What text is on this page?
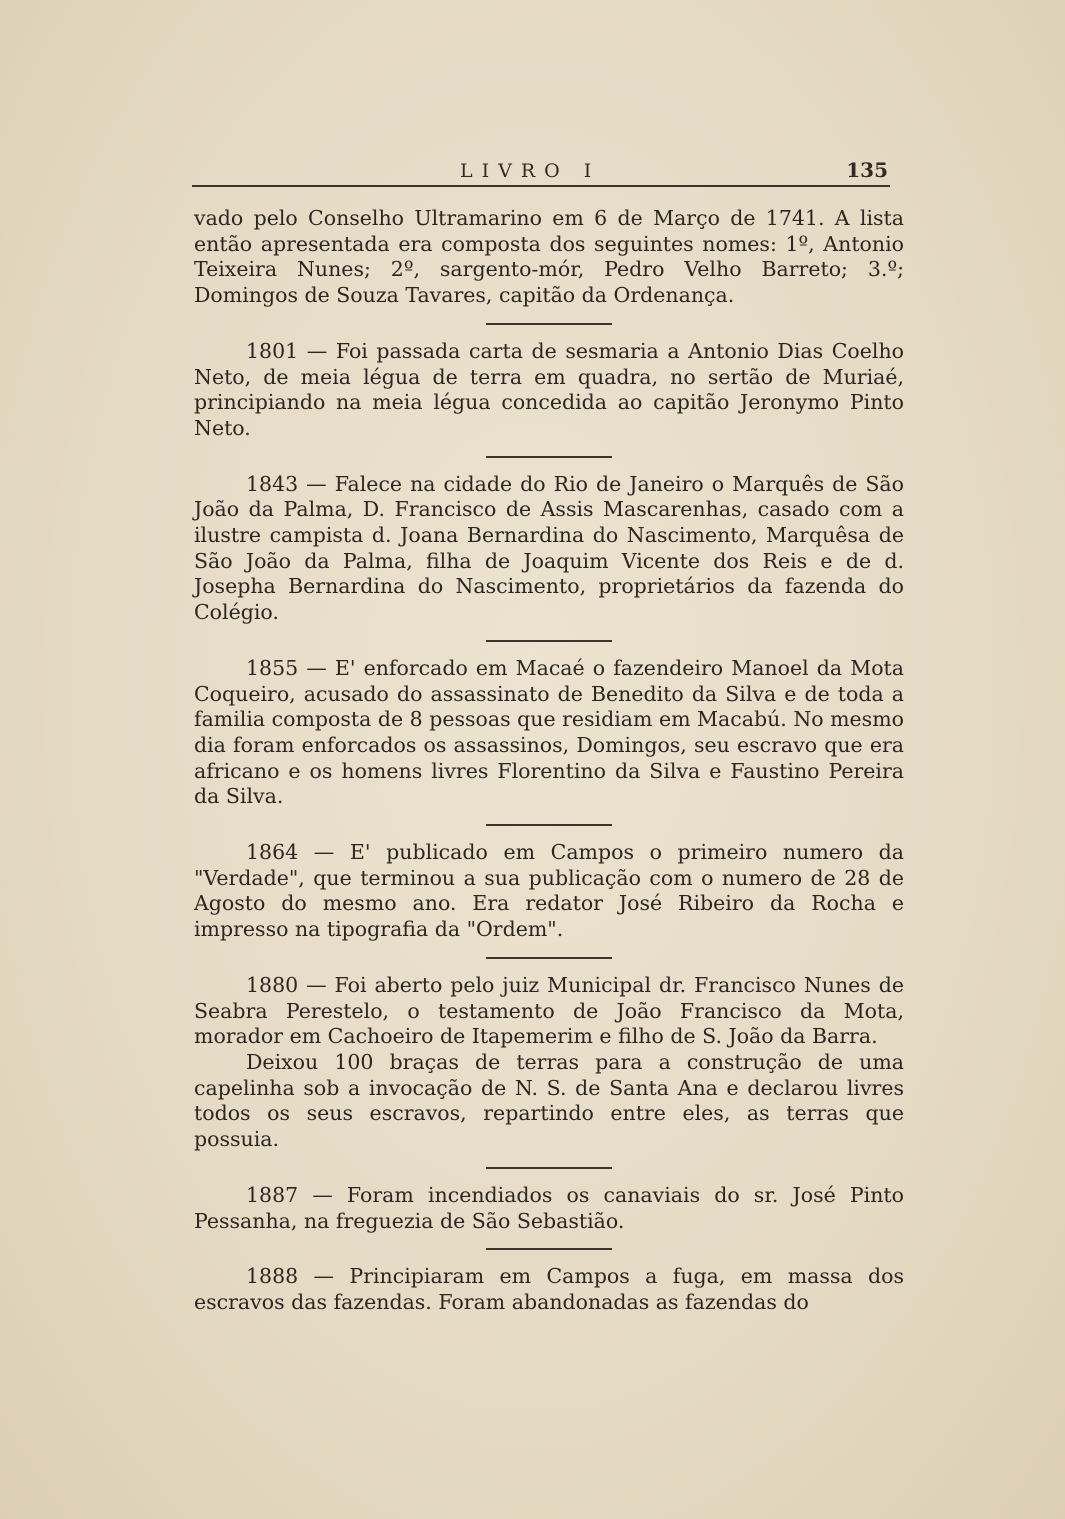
LIVRO I	135

vado pelo Conselho Ultramarino em 6 de Março de 1741. A lista então apresentada era composta dos seguintes nomes: 1º, Antonio Teixeira Nunes; 2º, sargento-mór, Pedro Velho Barreto; 3.º; Domingos de Souza Tavares, capitão da Ordenança.

1801 — Foi passada carta de sesmaria a Antonio Dias Coelho Neto, de meia légua de terra em quadra, no sertão de Muriaé, principiando na meia légua concedida ao capitão Jeronymo Pinto Neto.

1843 — Falece na cidade do Rio de Janeiro o Marquês de São João da Palma, D. Francisco de Assis Mascarenhas, casado com a ilustre campista d. Joana Bernardina do Nascimento, Marquêsa de São João da Palma, filha de Joaquim Vicente dos Reis e de d. Josepha Bernardina do Nascimento, proprietários da fazenda do Colégio.

1855 — E' enforcado em Macaé o fazendeiro Manoel da Mota Coqueiro, acusado do assassinato de Benedito da Silva e de toda a familia composta de 8 pessoas que residiam em Macabú. No mesmo dia foram enforcados os assassinos, Domingos, seu escravo que era africano e os homens livres Florentino da Silva e Faustino Pereira da Silva.

1864 — E' publicado em Campos o primeiro numero da "Verdade", que terminou a sua publicação com o numero de 28 de Agosto do mesmo ano. Era redator José Ribeiro da Rocha e impresso na tipografia da "Ordem".

1880 — Foi aberto pelo juiz Municipal dr. Francisco Nunes de Seabra Perestelo, o testamento de João Francisco da Mota, morador em Cachoeiro de Itapemerim e filho de S. João da Barra.

Deixou 100 braças de terras para a construção de uma capelinha sob a invocação de N. S. de Santa Ana e declarou livres todos os seus escravos, repartindo entre eles, as terras que possuia.

1887 — Foram incendiados os canaviais do sr. José Pinto Pessanha, na freguezia de São Sebastião.

1888 — Principiaram em Campos a fuga, em massa dos escravos das fazendas. Foram abandonadas as fazendas do
